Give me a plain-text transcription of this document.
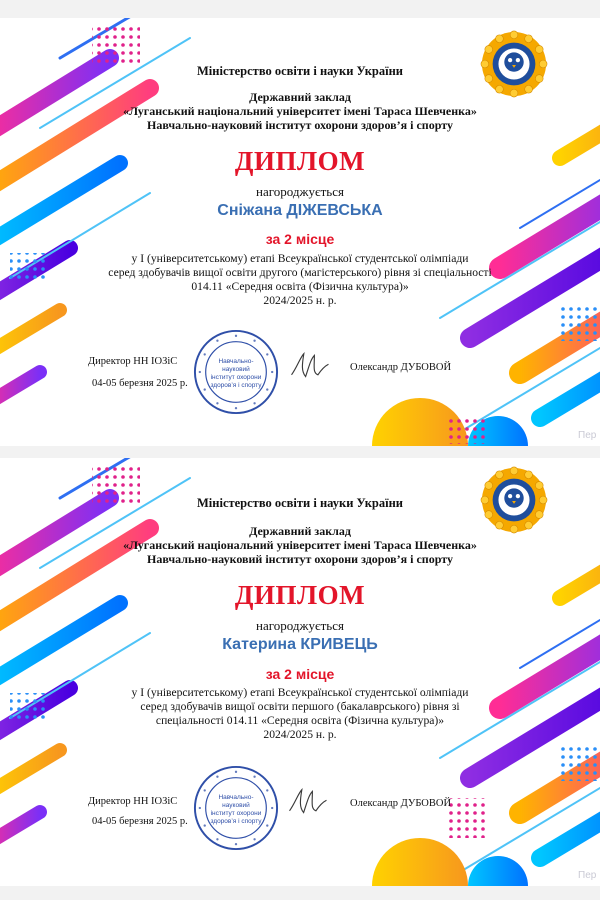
Міністерство освіти і науки України
Державний заклад
«Луганський національний університет імені Тараса Шевченка»
Навчально-науковий інститут охорони здоров’я і спорту
ДИПЛОМ
нагороджується
Сніжана ДІЖЕВСЬКА
за 2 місце
у І (університетському) етапі Всеукраїнської студентської олімпіади
серед здобувачів вищої освіти другого (магістерського) рівня зі спеціальності
014.11 «Середня освіта (Фізична культура)»
2024/2025 н. р.
Директор НН ІОЗіС
04-05 березня 2025 р.
Олександр ДУБОВОЙ
Навчально-науковий інститут охорони здоров’я і спорту
Пер
Міністерство освіти і науки України
Державний заклад
«Луганський національний університет імені Тараса Шевченка»
Навчально-науковий інститут охорони здоров’я і спорту
ДИПЛОМ
нагороджується
Катерина КРИВЕЦЬ
за 2 місце
у І (університетському) етапі Всеукраїнської студентської олімпіади
серед здобувачів вищої освіти першого (бакалаврського) рівня зі
спеціальності 014.11 «Середня освіта (Фізична культура)»
2024/2025 н. р.
Директор НН ІОЗіС
04-05 березня 2025 р.
Олександр ДУБОВОЙ
Навчально-науковий інститут охорони здоров’я і спорту
Пер
